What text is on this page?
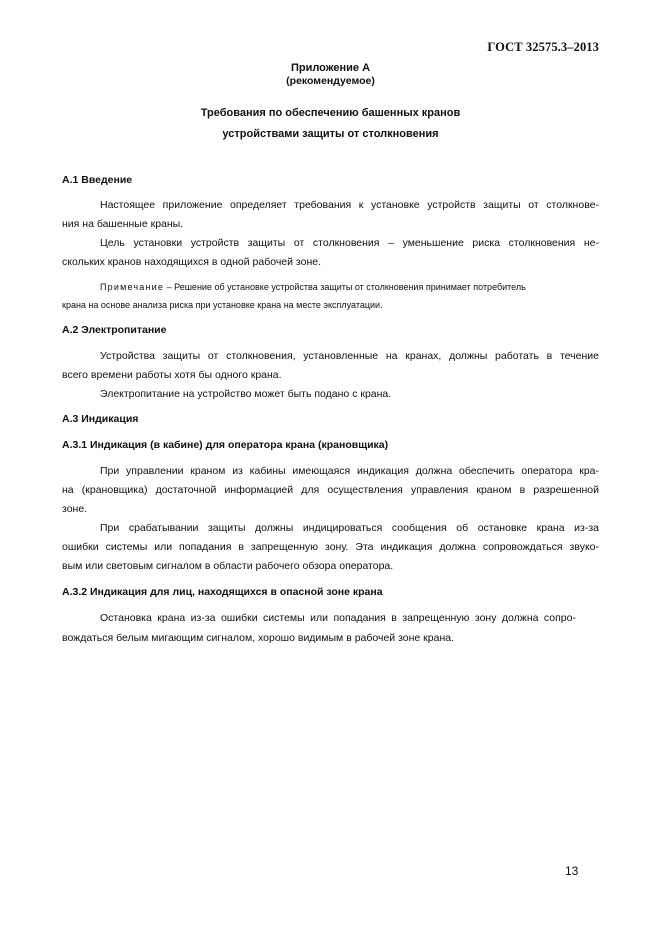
ГОСТ 32575.3–2013
Приложение А
(рекомендуемое)
Требования по обеспечению башенных кранов
устройствами защиты от столкновения
А.1 Введение
Настоящее приложение определяет требования к установке устройств защиты от столкнове-
ния на башенные краны.
Цель установки устройств защиты от столкновения – уменьшение риска столкновения не-
скольких кранов находящихся в одной рабочей зоне.
Примечание – Решение об установке устройства защиты от столкновения принимает потребитель
крана на основе анализа риска при установке крана на месте эксплуатации.
А.2 Электропитание
Устройства защиты от столкновения, установленные на кранах, должны работать в течение
всего времени работы хотя бы одного крана.
Электропитание на устройство может быть подано с крана.
А.3 Индикация
А.3.1 Индикация (в кабине) для оператора крана (крановщика)
При управлении краном из кабины имеющаяся индикация должна обеспечить оператора кра-
на (крановщика) достаточной информацией для осуществления управления краном в разрешенной
зоне.
При срабатывании защиты должны индицироваться сообщения об остановке крана из-за
ошибки системы или попадания в запрещенную зону. Эта индикация должна сопровождаться звуко-
вым или световым сигналом в области рабочего обзора оператора.
А.3.2 Индикация для лиц, находящихся в опасной зоне крана
Остановка крана из-за ошибки системы или попадания в запрещенную зону должна сопро-
вождаться белым мигающим сигналом, хорошо видимым в рабочей зоне крана.
13
